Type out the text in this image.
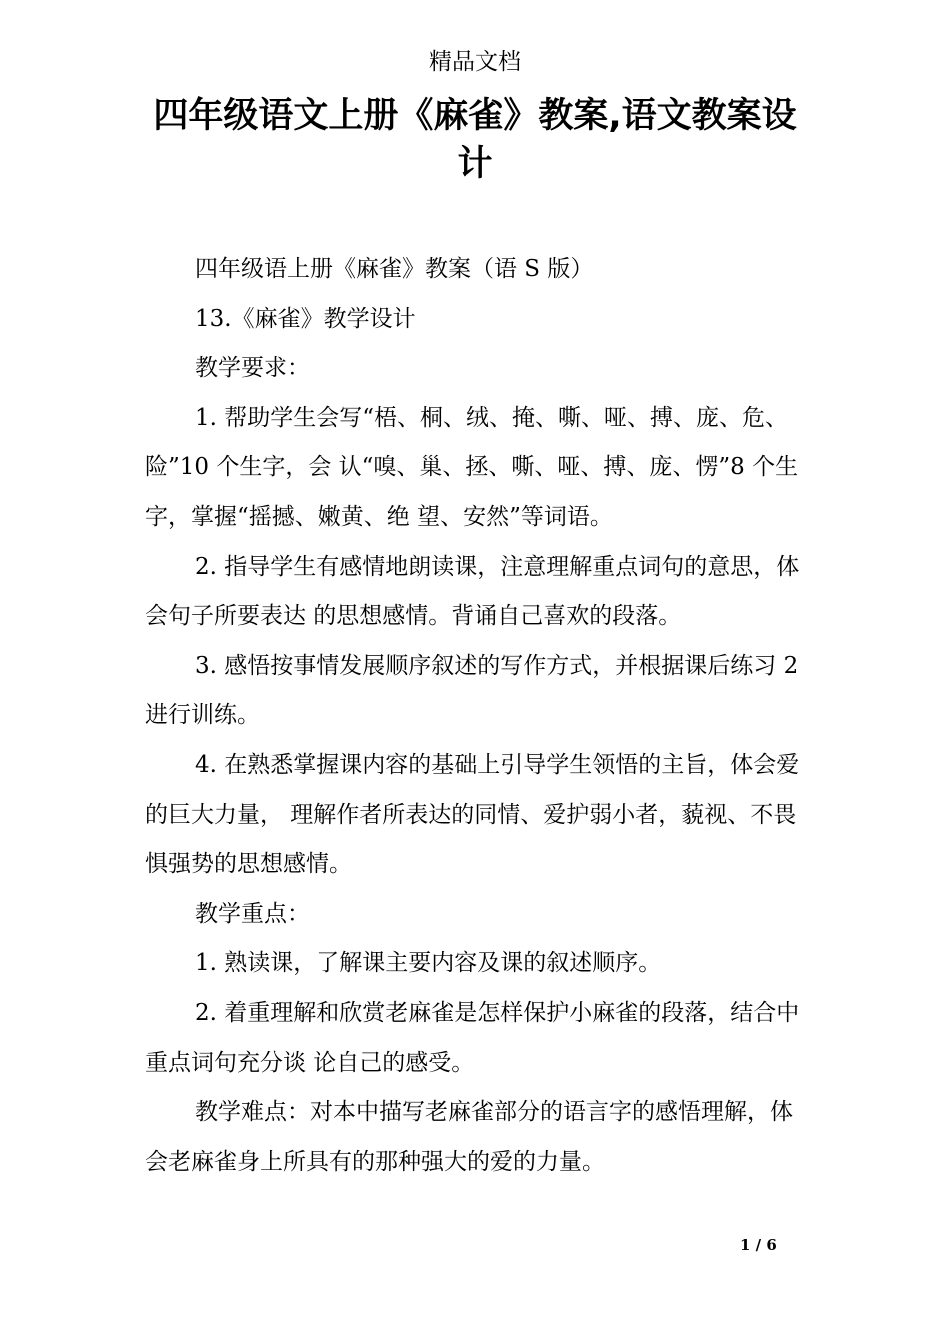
精品文档
四年级语文上册《麻雀》教案,语文教案设计

四年级语上册《麻雀》教案（语 S 版）

13.《麻雀》教学设计

教学要求：

1. 帮助学生会写“梧、桐、绒、掩、嘶、哑、搏、庞、危、险”10 个生字，会 认“嗅、巢、拯、嘶、哑、搏、庞、愣”8 个生字，掌握“摇撼、嫩黄、绝 望、安然”等词语。

2. 指导学生有感情地朗读课，注意理解重点词句的意思，体会句子所要表达 的思想感情。背诵自己喜欢的段落。

3. 感悟按事情发展顺序叙述的写作方式，并根据课后练习 2 进行训练。

4. 在熟悉掌握课内容的基础上引导学生领悟的主旨，体会爱的巨大力量， 理解作者所表达的同情、爱护弱小者，藐视、不畏惧强势的思想感情。

教学重点：

1. 熟读课，了解课主要内容及课的叙述顺序。

2. 着重理解和欣赏老麻雀是怎样保护小麻雀的段落，结合中重点词句充分谈 论自己的感受。

教学难点：对本中描写老麻雀部分的语言字的感悟理解，体会老麻雀身上所具有的那种强大的爱的力量。

1 / 6
